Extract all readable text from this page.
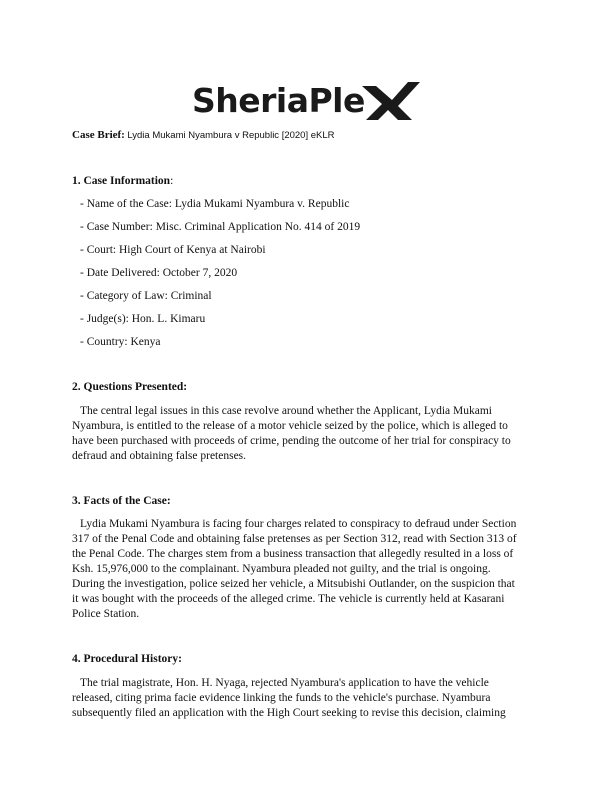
SheriaPle
Case Brief: Lydia Mukami Nyambura v Republic [2020] eKLR
1. Case Information:
- Name of the Case: Lydia Mukami Nyambura v. Republic
- Case Number: Misc. Criminal Application No. 414 of 2019
- Court: High Court of Kenya at Nairobi
- Date Delivered: October 7, 2020
- Category of Law: Criminal
- Judge(s): Hon. L. Kimaru
- Country: Kenya
2. Questions Presented:
The central legal issues in this case revolve around whether the Applicant, Lydia Mukami
Nyambura, is entitled to the release of a motor vehicle seized by the police, which is alleged to
have been purchased with proceeds of crime, pending the outcome of her trial for conspiracy to
defraud and obtaining false pretenses.
3. Facts of the Case:
Lydia Mukami Nyambura is facing four charges related to conspiracy to defraud under Section
317 of the Penal Code and obtaining false pretenses as per Section 312, read with Section 313 of
the Penal Code. The charges stem from a business transaction that allegedly resulted in a loss of
Ksh. 15,976,000 to the complainant. Nyambura pleaded not guilty, and the trial is ongoing.
During the investigation, police seized her vehicle, a Mitsubishi Outlander, on the suspicion that
it was bought with the proceeds of the alleged crime. The vehicle is currently held at Kasarani
Police Station.
4. Procedural History:
The trial magistrate, Hon. H. Nyaga, rejected Nyambura's application to have the vehicle
released, citing prima facie evidence linking the funds to the vehicle's purchase. Nyambura
subsequently filed an application with the High Court seeking to revise this decision, claiming
